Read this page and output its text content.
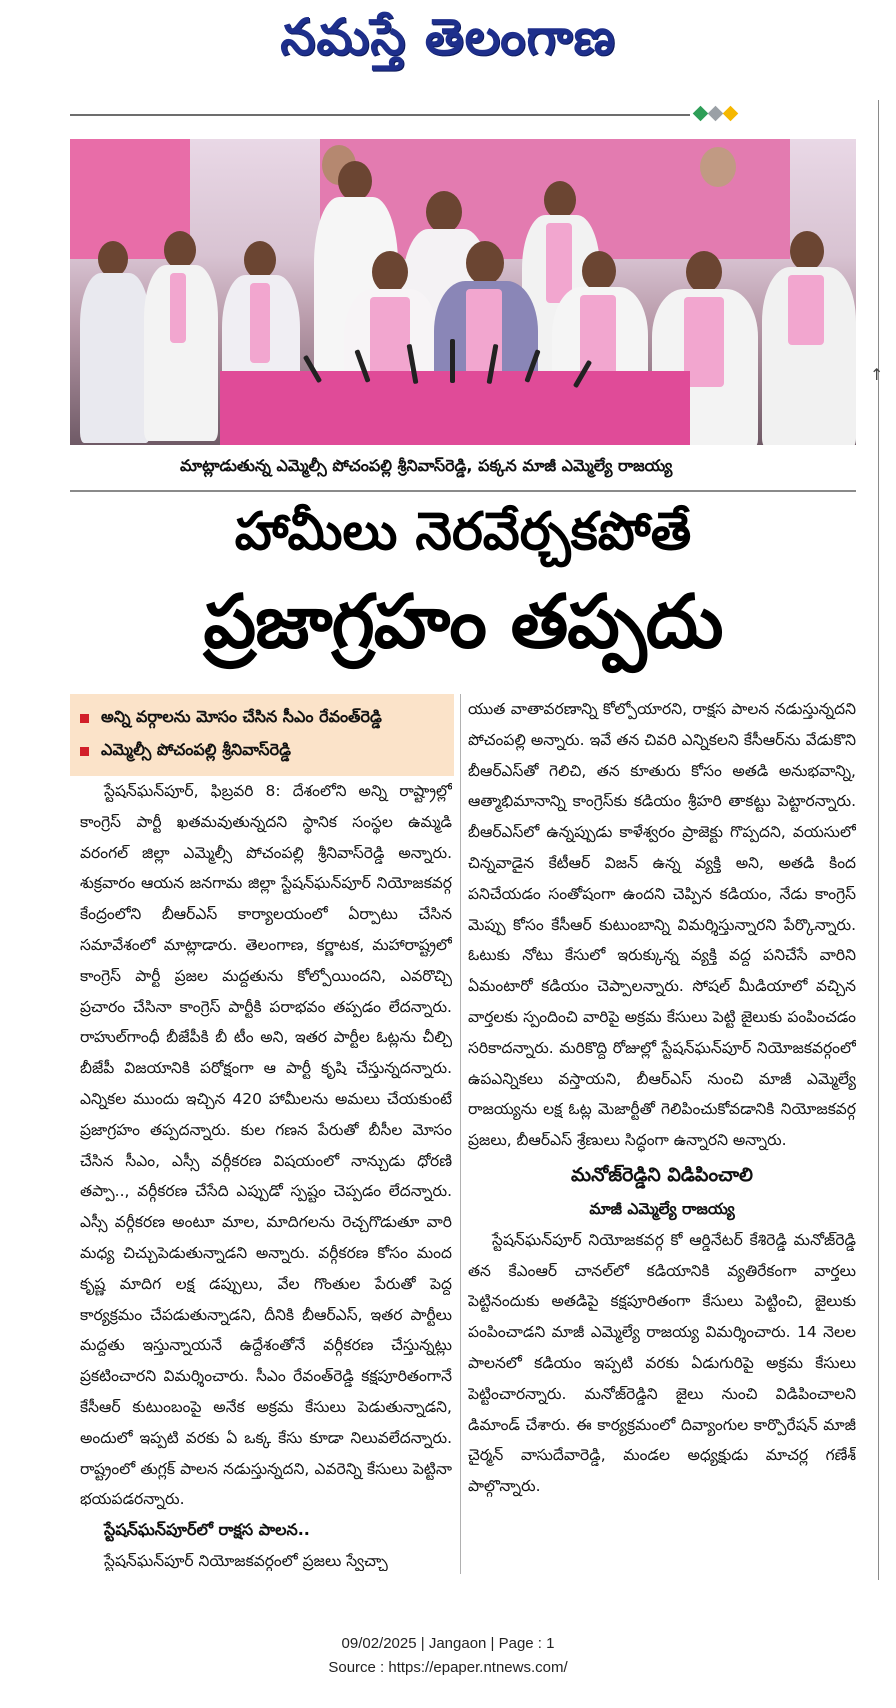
నమస్తే తెలంగాణ
↑
మాట్లాడుతున్న ఎమ్మెల్సీ పోచంపల్లి శ్రీనివాస్‌రెడ్డి, పక్కన మాజీ ఎమ్మెల్యే రాజయ్య
హామీలు నెరవేర్చకపోతే
ప్రజాగ్రహం తప్పదు
అన్ని వర్గాలను మోసం చేసిన సీఎం రేవంత్‌రెడ్డి
ఎమ్మెల్సీ పోచంపల్లి శ్రీనివాస్‌రెడ్డి

స్టేషన్‌ఘన్‌పూర్, ఫిబ్రవరి 8: దేశంలోని అన్ని రాష్ట్రాల్లో కాంగ్రెస్ పార్టీ ఖతమవుతున్నదని స్థానిక సంస్థల ఉమ్మడి వరంగల్ జిల్లా ఎమ్మెల్సీ పోచంపల్లి శ్రీనివాస్‌రెడ్డి అన్నారు. శుక్రవారం ఆయన జనగామ జిల్లా స్టేషన్‌ఘన్‌పూర్ నియోజకవర్గ కేంద్రంలోని బీఆర్‌ఎస్ కార్యాలయంలో ఏర్పాటు చేసిన సమావేశంలో మాట్లాడారు. తెలంగాణ, కర్ణాటక, మహారాష్ట్రలో కాంగ్రెస్ పార్టీ ప్రజల మద్దతును కోల్పోయిందని, ఎవరొచ్చి ప్రచారం చేసినా కాంగ్రెస్ పార్టీకి పరాభవం తప్పడం లేదన్నారు. రాహుల్‌గాంధీ బీజేపీకి బీ టీం అని, ఇతర పార్టీల ఓట్లను చీల్చి బీజేపీ విజయానికి పరోక్షంగా ఆ పార్టీ కృషి చేస్తున్నదన్నారు. ఎన్నికల ముందు ఇచ్చిన 420 హామీలను అమలు చేయకుంటే ప్రజాగ్రహం తప్పదన్నారు. కుల గణన పేరుతో బీసీల మోసం చేసిన సీఎం, ఎస్సీ వర్గీకరణ విషయంలో నాన్చుడు ధోరణి తప్పా.., వర్గీకరణ చేసేది ఎప్పుడో స్పష్టం చెప్పడం లేదన్నారు. ఎస్సీ వర్గీకరణ అంటూ మాల, మాదిగలను రెచ్చగొడుతూ వారి మధ్య చిచ్చుపెడుతున్నాడని అన్నారు. వర్గీకరణ కోసం మంద కృష్ణ మాదిగ లక్ష డప్పులు, వేల గొంతుల పేరుతో పెద్ద కార్యక్రమం చేపడుతున్నాడని, దీనికి బీఆర్‌ఎస్, ఇతర పార్టీలు మద్దతు ఇస్తున్నాయనే ఉద్దేశంతోనే వర్గీకరణ చేస్తున్నట్లు ప్రకటించారని విమర్శించారు. సీఎం రేవంత్‌రెడ్డి కక్షపూరితంగానే కేసీఆర్ కుటుంబంపై అనేక అక్రమ కేసులు పెడుతున్నాడని, అందులో ఇప్పటి వరకు ఏ ఒక్క కేసు కూడా నిలువలేదన్నారు. రాష్ట్రంలో తుగ్లక్ పాలన నడుస్తున్నదని, ఎవరెన్ని కేసులు పెట్టినా భయపడరన్నారు.

స్టేషన్‌ఘన్‌పూర్‌లో రాక్షస పాలన..

స్టేషన్‌ఘన్‌పూర్ నియోజకవర్గంలో ప్రజలు స్వేచ్ఛా

యుత వాతావరణాన్ని కోల్పోయారని, రాక్షస పాలన నడుస్తున్నదని పోచంపల్లి అన్నారు. ఇవే తన చివరి ఎన్నికలని కేసీఆర్‌ను వేడుకొని బీఆర్‌ఎస్‌తో గెలిచి, తన కూతురు కోసం అతడి అనుభవాన్ని, ఆత్మాభిమానాన్ని కాంగ్రెస్‌కు కడియం శ్రీహరి తాకట్టు పెట్టారన్నారు. బీఆర్‌ఎస్‌లో ఉన్నప్పుడు కాళేశ్వరం ప్రాజెక్టు గొప్పదని, వయసులో చిన్నవాడైన కేటీఆర్ విజన్ ఉన్న వ్యక్తి అని, అతడి కింద పనిచేయడం సంతోషంగా ఉందని చెప్పిన కడియం, నేడు కాంగ్రెస్ మెప్పు కోసం కేసీఆర్ కుటుంబాన్ని విమర్శిస్తున్నారని పేర్కొన్నారు. ఓటుకు నోటు కేసులో ఇరుక్కున్న వ్యక్తి వద్ద పనిచేసే వారిని ఏమంటారో కడియం చెప్పాలన్నారు. సోషల్ మీడియాలో వచ్చిన వార్తలకు స్పందించి వారిపై అక్రమ కేసులు పెట్టి జైలుకు పంపించడం సరికాదన్నారు. మరికొద్ది రోజుల్లో స్టేషన్‌ఘన్‌పూర్ నియోజకవర్గంలో ఉపఎన్నికలు వస్తాయని, బీఆర్‌ఎస్ నుంచి మాజీ ఎమ్మెల్యే రాజయ్యను లక్ష ఓట్ల మెజార్టీతో గెలిపించుకోవడానికి నియోజకవర్గ ప్రజలు, బీఆర్‌ఎస్ శ్రేణులు సిద్ధంగా ఉన్నారని అన్నారు.

మనోజ్‌రెడ్డిని విడిపించాలి

మాజీ ఎమ్మెల్యే రాజయ్య

స్టేషన్‌ఘన్‌పూర్ నియోజకవర్గ కో ఆర్డినేటర్ కేశిరెడ్డి మనోజ్‌రెడ్డి తన కేఎంఆర్ చానల్‌లో కడియానికి వ్యతిరేకంగా వార్తలు పెట్టినందుకు అతడిపై కక్షపూరితంగా కేసులు పెట్టించి, జైలుకు పంపించాడని మాజీ ఎమ్మెల్యే రాజయ్య విమర్శించారు. 14 నెలల పాలనలో కడియం ఇప్పటి వరకు ఏడుగురిపై అక్రమ కేసులు పెట్టించారన్నారు. మనోజ్‌రెడ్డిని జైలు నుంచి విడిపించాలని డిమాండ్ చేశారు. ఈ కార్యక్రమంలో దివ్యాంగుల కార్పొరేషన్ మాజీ చైర్మన్ వాసుదేవారెడ్డి, మండల అధ్యక్షుడు మాచర్ల గణేశ్ పాల్గొన్నారు.

09/02/2025 | Jangaon | Page : 1
Source : https://epaper.ntnews.com/
